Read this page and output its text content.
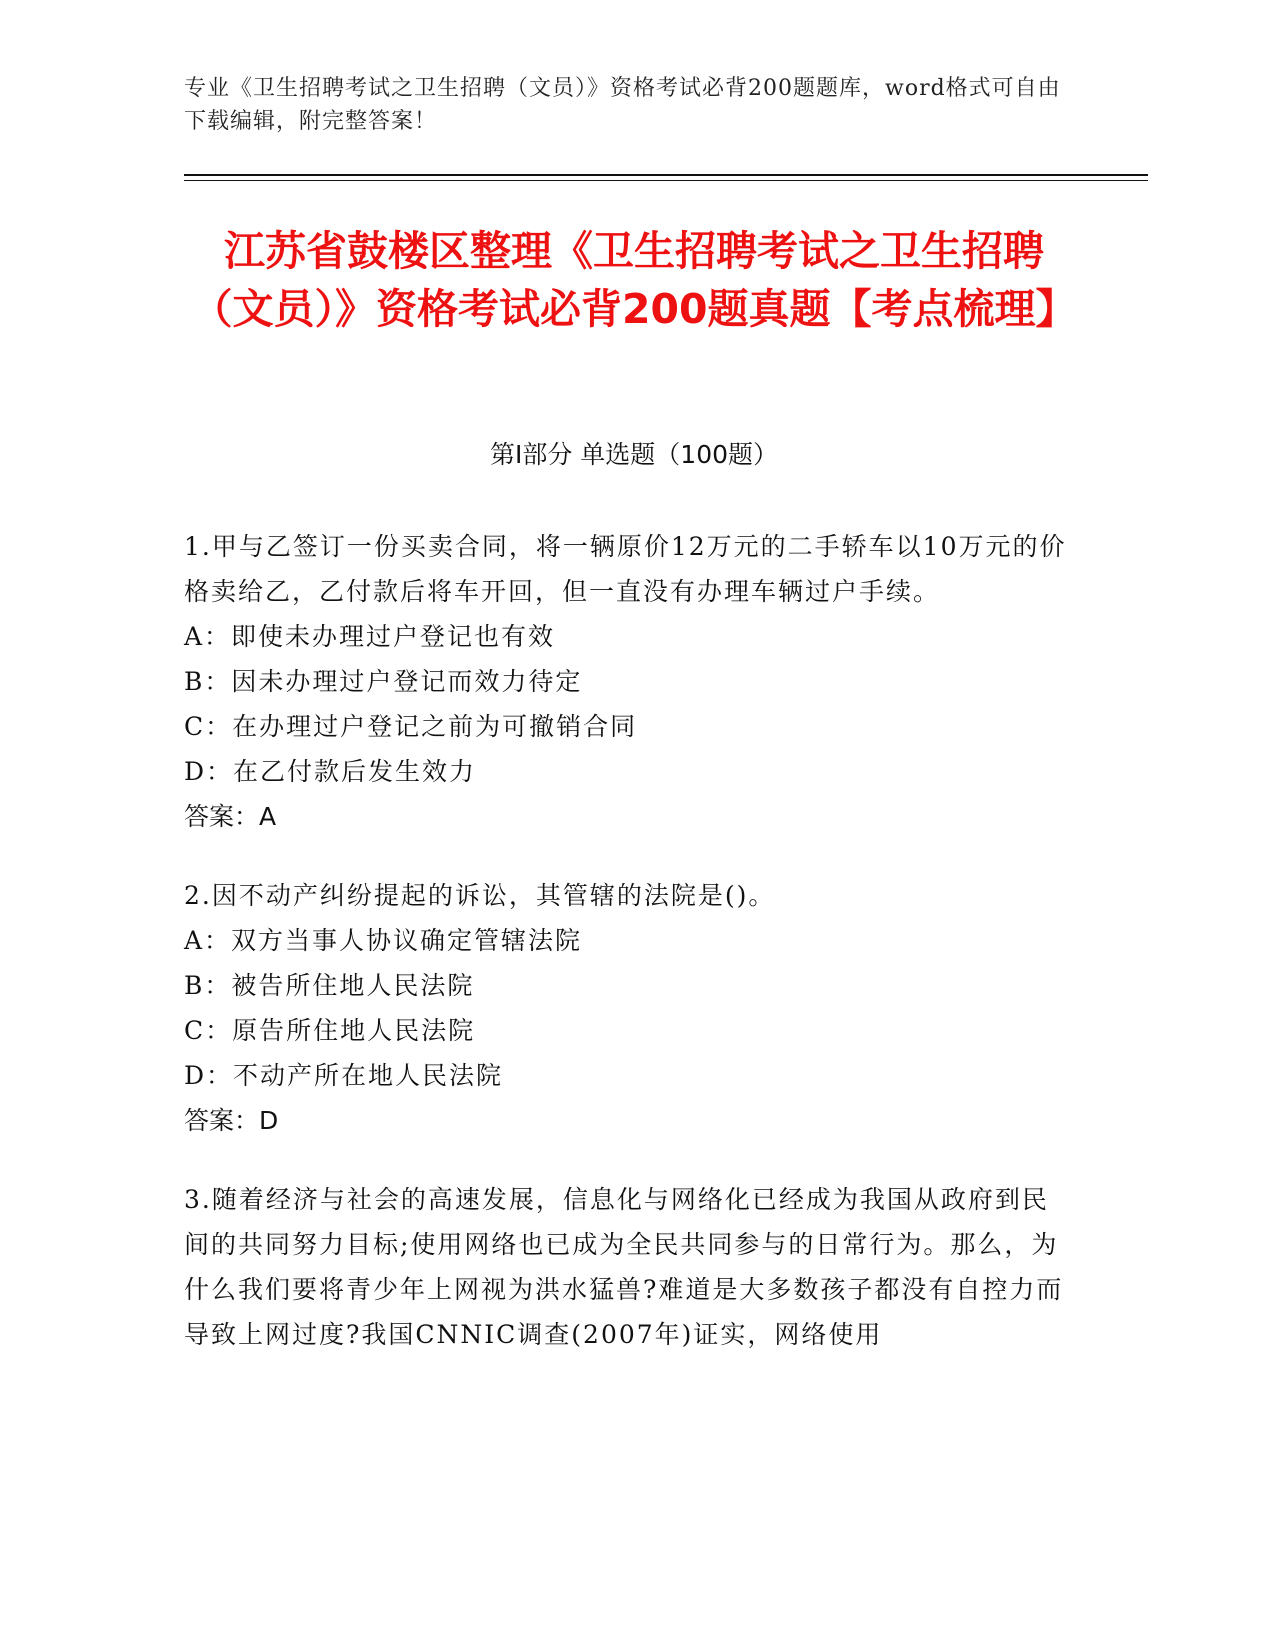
专业《卫生招聘考试之卫生招聘（文员）》资格考试必背200题题库，word格式可自由下载编辑，附完整答案！
江苏省鼓楼区整理《卫生招聘考试之卫生招聘（文员）》资格考试必背200题真题【考点梳理】
第I部分 单选题（100题）

1.甲与乙签订一份买卖合同，将一辆原价12万元的二手轿车以10万元的价格卖给乙，乙付款后将车开回，但一直没有办理车辆过户手续。

A：即使未办理过户登记也有效

B：因未办理过户登记而效力待定

C：在办理过户登记之前为可撤销合同

D：在乙付款后发生效力

答案：A

2.因不动产纠纷提起的诉讼，其管辖的法院是()。

A：双方当事人协议确定管辖法院

B：被告所住地人民法院

C：原告所住地人民法院

D：不动产所在地人民法院

答案：D

3.随着经济与社会的高速发展，信息化与网络化已经成为我国从政府到民间的共同努力目标;使用网络也已成为全民共同参与的日常行为。那么，为什么我们要将青少年上网视为洪水猛兽?难道是大多数孩子都没有自控力而导致上网过度?我国CNNIC调查(2007年)证实，网络使用
